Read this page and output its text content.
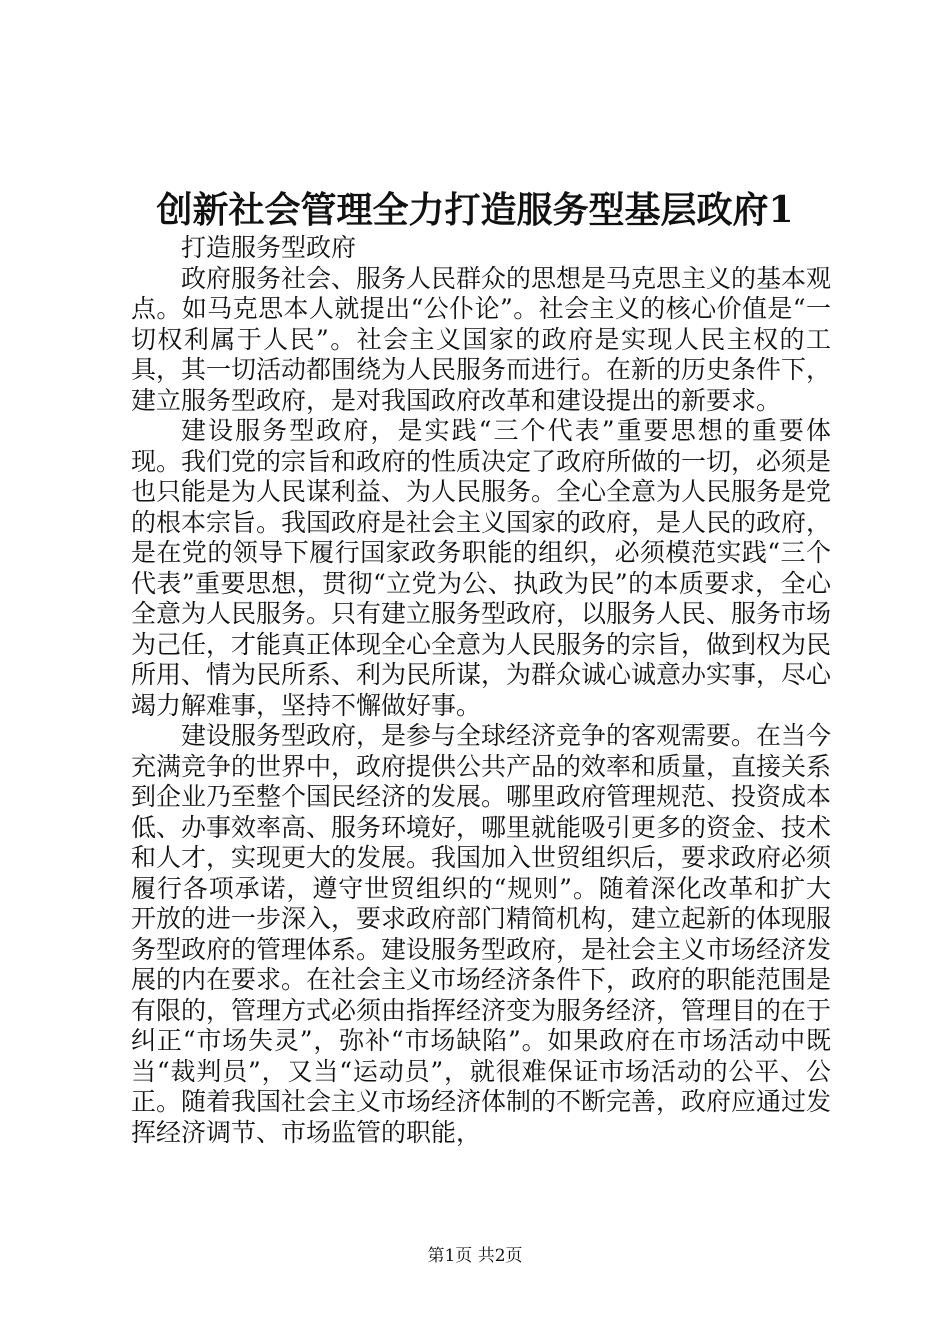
创新社会管理全力打造服务型基层政府1

打造服务型政府

政府服务社会、服务人民群众的思想是马克思主义的基本观点。如马克思本人就提出“公仆论”。社会主义的核心价值是“一切权利属于人民”。社会主义国家的政府是实现人民主权的工具，其一切活动都围绕为人民服务而进行。在新的历史条件下，建立服务型政府，是对我国政府改革和建设提出的新要求。

建设服务型政府，是实践“三个代表”重要思想的重要体现。我们党的宗旨和政府的性质决定了政府所做的一切，必须是也只能是为人民谋利益、为人民服务。全心全意为人民服务是党的根本宗旨。我国政府是社会主义国家的政府，是人民的政府，是在党的领导下履行国家政务职能的组织，必须模范实践“三个代表”重要思想，贯彻“立党为公、执政为民”的本质要求，全心全意为人民服务。只有建立服务型政府，以服务人民、服务市场为己任，才能真正体现全心全意为人民服务的宗旨，做到权为民所用、情为民所系、利为民所谋，为群众诚心诚意办实事，尽心竭力解难事，坚持不懈做好事。

建设服务型政府，是参与全球经济竞争的客观需要。在当今充满竞争的世界中，政府提供公共产品的效率和质量，直接关系到企业乃至整个国民经济的发展。哪里政府管理规范、投资成本低、办事效率高、服务环境好，哪里就能吸引更多的资金、技术和人才，实现更大的发展。我国加入世贸组织后，要求政府必须履行各项承诺，遵守世贸组织的“规则”。随着深化改革和扩大开放的进一步深入，要求政府部门精简机构，建立起新的体现服务型政府的管理体系。建设服务型政府，是社会主义市场经济发展的内在要求。在社会主义市场经济条件下，政府的职能范围是有限的，管理方式必须由指挥经济变为服务经济，管理目的在于纠正“市场失灵”，弥补“市场缺陷”。如果政府在市场活动中既当“裁判员”，又当“运动员”，就很难保证市场活动的公平、公正。随着我国社会主义市场经济体制的不断完善，政府应通过发挥经济调节、市场监管的职能，

第1页 共2页
